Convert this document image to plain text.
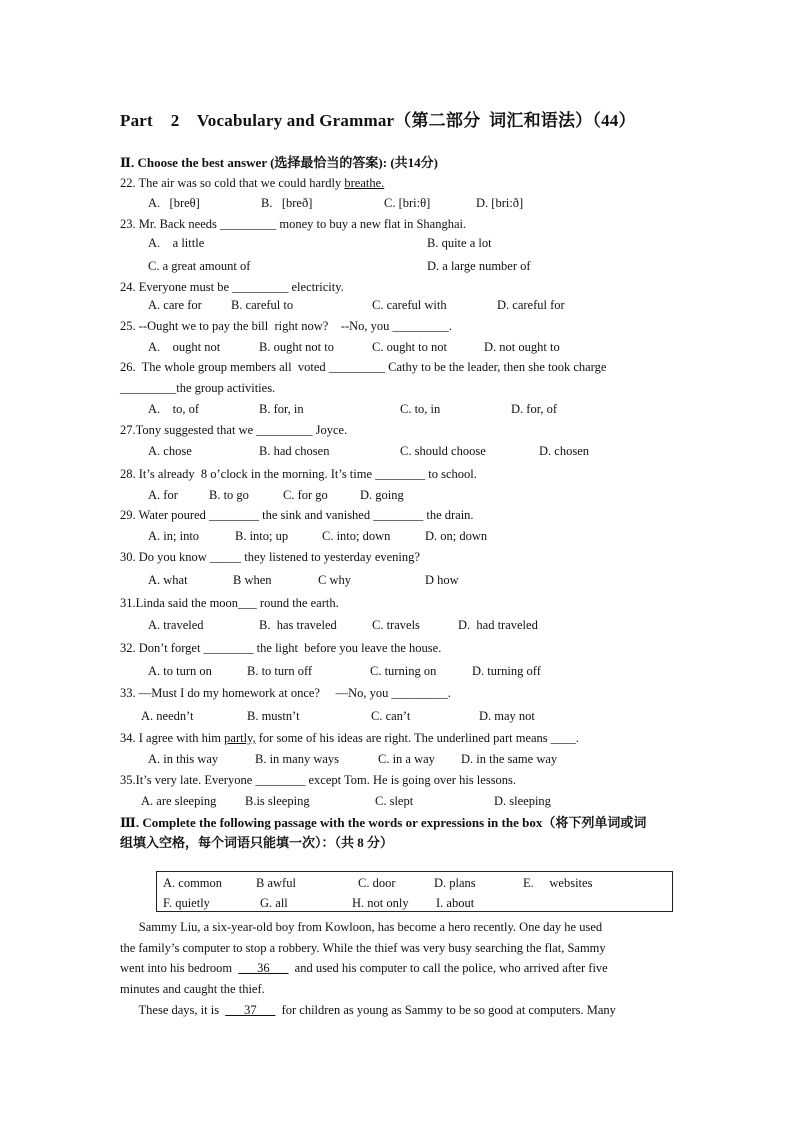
Part    2    Vocabulary and Grammar（第二部分  词汇和语法）（44）
Ⅱ. Choose the best answer (选择最恰当的答案): (共14分)
22. The air was so cold that we could hardly breathe.
A.   [breθ]	B.   [breð]	C. [bri:θ]	D. [bri:ð]
23. Mr. Back needs _________ money to buy a new flat in Shanghai.
A.    a little	B. quite a lot
C. a great amount of	D. a large number of
24. Everyone must be _________ electricity.
A. care for B. careful to	C. careful with	D. careful for
25. --Ought we to pay the bill  right now?    --No, you _________.
A.    ought not	B. ought not to	C. ought to not	D. not ought to
26.  The whole group members all  voted _________ Cathy to be the leader, then she took charge
_________the group activities.
A.    to, of	B. for, in	C. to, in	D. for, of
27.Tony suggested that we _________ Joyce.
A. chose	B. had chosen	C. should choose	D. chosen
28. It’s already  8 o’clock in the morning. It’s time ________ to school.
A. for B. to go	C. for go	D. going
29. Water poured ________ the sink and vanished ________ the drain.
A. in; into	B. into; up	C. into; down	D. on; down
30. Do you know _____ they listened to yesterday evening?
A. what	B when	C why	D how
31.Linda said the moon___ round the earth.
A. traveled	B.  has traveled	C. travels	D.  had traveled
32. Don’t forget ________ the light  before you leave the house.
A. to turn on	B. to turn off	C. turning on	D. turning off
33. —Must I do my homework at once?     —No, you _________.
A. needn’t	B. mustn’t	C. can’t	D. may not
34. I agree with him partly, for some of his ideas are right. The underlined part means ____.
A. in this way	B. in many ways	C. in a way D. in the same way
35.It’s very late. Everyone ________ except Tom. He is going over his lessons.
A. are sleeping B.is sleeping	C. slept	D. sleeping
Ⅲ. Complete the following passage with the words or expressions in the box（将下列单词或词
组填入空格，每个词语只能填一次）：（共 8 分）
A. common	B awful	C. door	D. plans	E.     websites
F. quietly	G. all	H. not only I. about
Sammy Liu, a six-year-old boy from Kowloon, has become a hero recently. One day he used
the family’s computer to stop a robbery. While the thief was very busy searching the flat, Sammy
went into his bedroom  ___36___  and used his computer to call the police, who arrived after five
minutes and caught the thief.
These days, it is  ___37___  for children as young as Sammy to be so good at computers. Many
